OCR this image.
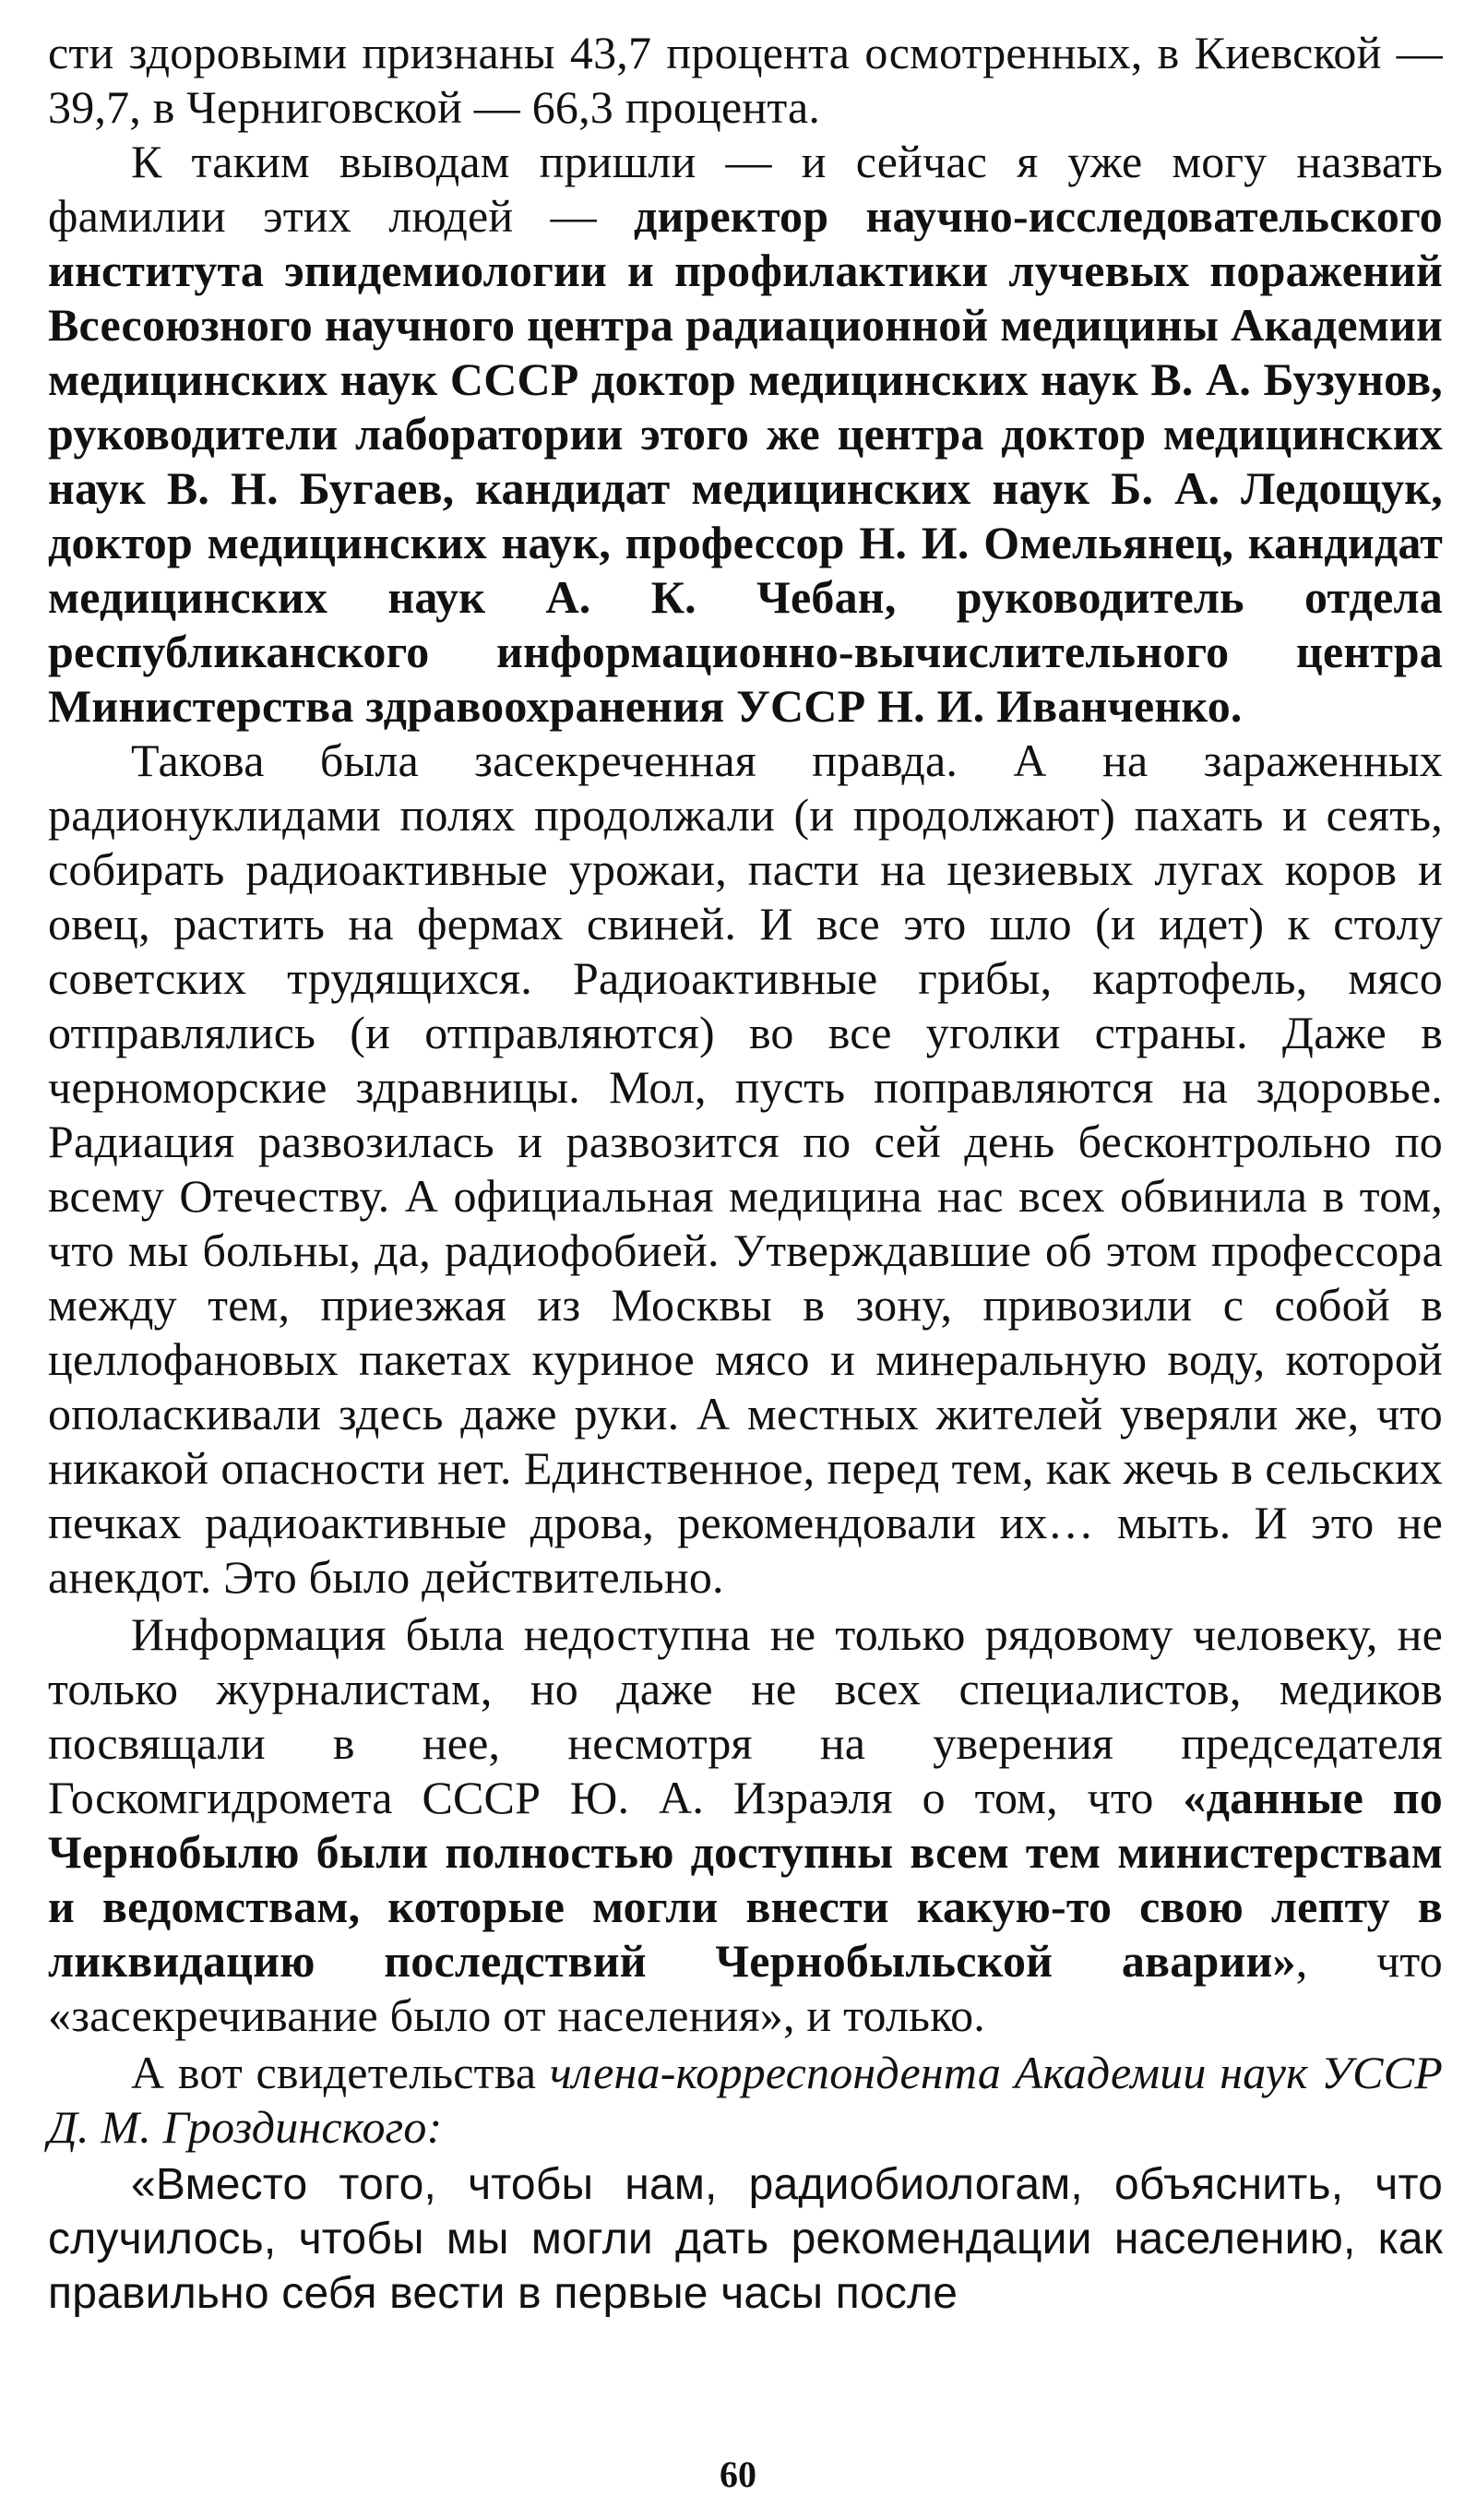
сти здоровыми признаны 43,7 процента осмотренных, в Киевской — 39,7, в Черниговской — 66,3 процента.

К таким выводам пришли — и сейчас я уже могу назвать фамилии этих людей — директор научно-исследовательского института эпидемиологии и профилактики лучевых поражений Всесоюзного научного центра радиационной медицины Академии медицинских наук СССР доктор медицинских наук В. А. Бузунов, руководители лаборатории этого же центра доктор медицинских наук В. Н. Бугаев, кандидат медицинских наук Б. А. Ледощук, доктор медицинских наук, профессор Н. И. Омельянец, кандидат медицинских наук А. К. Чебан, руководитель отдела республиканского информационно-вычислительного центра Министерства здравоохранения УССР Н. И. Иванченко.

Такова была засекреченная правда. А на зараженных радионуклидами полях продолжали (и продолжают) пахать и сеять, собирать радиоактивные урожаи, пасти на цезиевых лугах коров и овец, растить на фермах свиней. И все это шло (и идет) к столу советских трудящихся. Радиоактивные грибы, картофель, мясо отправлялись (и отправляются) во все уголки страны. Даже в черноморские здравницы. Мол, пусть поправляются на здоровье. Радиация развозилась и развозится по сей день бесконтрольно по всему Отечеству. А официальная медицина нас всех обвинила в том, что мы больны, да, радиофобией. Утверждавшие об этом профессора между тем, приезжая из Москвы в зону, привозили с собой в целлофановых пакетах куриное мясо и минеральную воду, которой ополаскивали здесь даже руки. А местных жителей уверяли же, что никакой опасности нет. Единственное, перед тем, как жечь в сельских печках радиоактивные дрова, рекомендовали их… мыть. И это не анекдот. Это было действительно.

Информация была недоступна не только рядовому человеку, не только журналистам, но даже не всех специалистов, медиков посвящали в нее, несмотря на уверения председателя Госкомгидромета СССР Ю. А. Израэля о том, что «данные по Чернобылю были полностью доступны всем тем министерствам и ведомствам, которые могли внести какую-то свою лепту в ликвидацию последствий Чернобыльской аварии», что «засекречивание было от населения», и только.

А вот свидетельства члена-корреспондента Академии наук УССР Д. М. Гроздинского:

«Вместо того, чтобы нам, радиобиологам, объяснить, что случилось, чтобы мы могли дать рекомендации населению, как правильно себя вести в первые часы после

60
